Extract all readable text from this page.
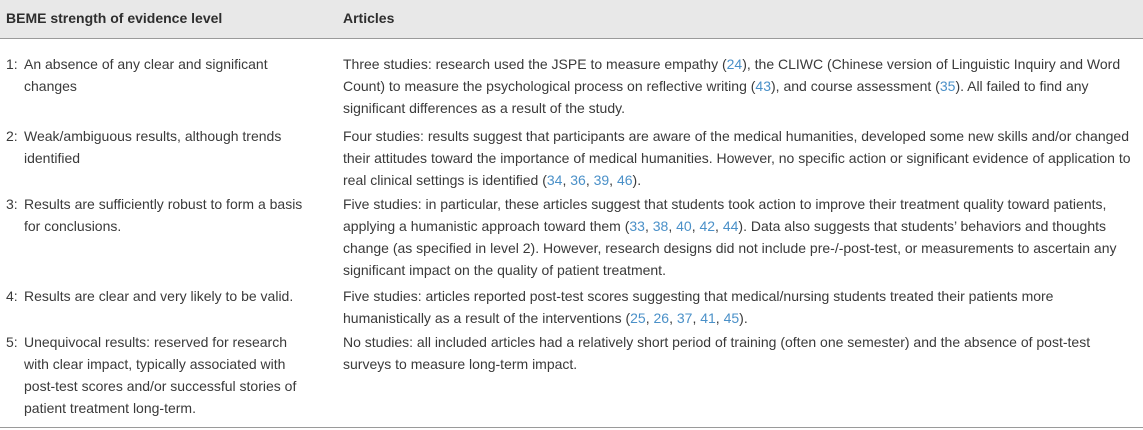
BEME strength of evidence level	Articles
1: An absence of any clear and significant changes
Three studies: research used the JSPE to measure empathy (24), the CLIWC (Chinese version of Linguistic Inquiry and Word Count) to measure the psychological process on reflective writing (43), and course assessment (35). All failed to find any significant differences as a result of the study.
2: Weak/ambiguous results, although trends identified
Four studies: results suggest that participants are aware of the medical humanities, developed some new skills and/or changed their attitudes toward the importance of medical humanities. However, no specific action or significant evidence of application to real clinical settings is identified (34, 36, 39, 46).
3: Results are sufficiently robust to form a basis for conclusions.
Five studies: in particular, these articles suggest that students took action to improve their treatment quality toward patients, applying a humanistic approach toward them (33, 38, 40, 42, 44). Data also suggests that students’ behaviors and thoughts change (as specified in level 2). However, research designs did not include pre-/-post-test, or measurements to ascertain any significant impact on the quality of patient treatment.
4: Results are clear and very likely to be valid.	Five studies: articles reported post-test scores suggesting that medical/nursing students treated their patients more humanistically as a result of the interventions (25, 26, 37, 41, 45).
5: Unequivocal results: reserved for research with clear impact, typically associated with post-test scores and/or successful stories of patient treatment long-term.
No studies: all included articles had a relatively short period of training (often one semester) and the absence of post-test surveys to measure long-term impact.
